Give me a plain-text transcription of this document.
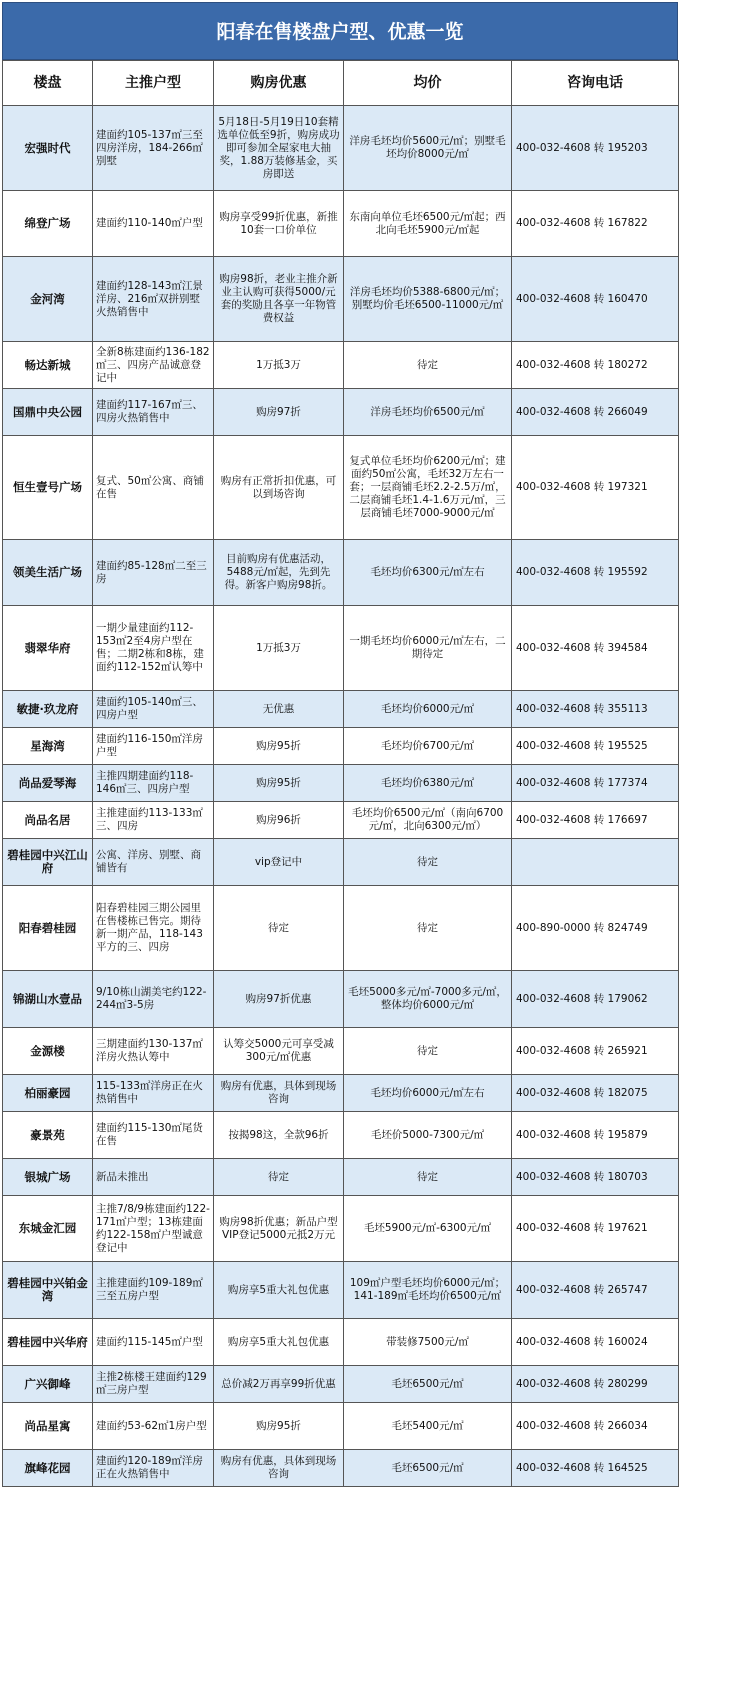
阳春在售楼盘户型、优惠一览
楼盘	主推户型	购房优惠	均价	咨询电话
宏强时代	建面约105-137㎡三至四房洋房，184-266㎡别墅	5月18日-5月19日10套精选单位低至9折，购房成功即可参加全屋家电大抽奖，1.88万装修基金，买房即送	洋房毛坯均价5600元/㎡；别墅毛坯均价8000元/㎡	400-032-4608 转 195203
绵登广场	建面约110-140㎡户型	购房享受99折优惠，新推10套一口价单位	东南向单位毛坯6500元/㎡起；西北向毛坯5900元/㎡起	400-032-4608 转 167822
金河湾	建面约128-143㎡江景洋房、216㎡双拼别墅火热销售中	购房98折，老业主推介新业主认购可获得5000/元套的奖励且各享一年物管费权益	洋房毛坯均价5388-6800元/㎡；别墅均价毛坯6500-11000元/㎡	400-032-4608 转 160470
畅达新城	全新8栋建面约136-182㎡三、四房产品诚意登记中	1万抵3万	待定	400-032-4608 转 180272
国鼎中央公园	建面约117-167㎡三、四房火热销售中	购房97折	洋房毛坯均价6500元/㎡	400-032-4608 转 266049
恒生壹号广场	复式、50㎡公寓、商铺在售	购房有正常折扣优惠，可以到场咨询	复式单位毛坯均价6200元/㎡；建面约50㎡公寓，毛坯32万左右一套；一层商铺毛坯2.2-2.5万/㎡，二层商铺毛坯1.4-1.6万元/㎡，三层商铺毛坯7000-9000元/㎡	400-032-4608 转 197321
领美生活广场	建面约85-128㎡二至三房	目前购房有优惠活动，5488元/㎡起，先到先得。新客户购房98折。	毛坯均价6300元/㎡左右	400-032-4608 转 195592
翡翠华府	一期少量建面约112-153㎡2至4房户型在售；二期2栋和8栋，建面约112-152㎡认筹中	1万抵3万	一期毛坯均价6000元/㎡左右，二期待定	400-032-4608 转 394584
敏捷·玖龙府	建面约105-140㎡三、四房户型	无优惠	毛坯均价6000元/㎡	400-032-4608 转 355113
星海湾	建面约116-150㎡洋房户型	购房95折	毛坯均价6700元/㎡	400-032-4608 转 195525
尚品爱琴海	主推四期建面约118-146㎡三、四房户型	购房95折	毛坯均价6380元/㎡	400-032-4608 转 177374
尚品名居	主推建面约113-133㎡三、四房	购房96折	毛坯均价6500元/㎡（南向6700元/㎡，北向6300元/㎡）	400-032-4608 转 176697
碧桂园中兴江山府	公寓、洋房、别墅、商铺皆有	vip登记中	待定	
阳春碧桂园	阳春碧桂园三期公园里在售楼栋已售完。期待新一期产品，118-143平方的三、四房	待定	待定	400-890-0000 转 824749
锦湖山水壹品	9/10栋山湖美宅约122-244㎡3-5房	购房97折优惠	毛坯5000多元/㎡-7000多元/㎡，整体均价6000元/㎡	400-032-4608 转 179062
金源楼	三期建面约130-137㎡洋房火热认筹中	认筹交5000元可享受减300元/㎡优惠	待定	400-032-4608 转 265921
柏丽豪园	115-133㎡洋房正在火热销售中	购房有优惠，具体到现场咨询	毛坯均价6000元/㎡左右	400-032-4608 转 182075
豪景苑	建面约115-130㎡尾货在售	按揭98这，全款96折	毛坯价5000-7300元/㎡	400-032-4608 转 195879
银城广场	新品未推出	待定	待定	400-032-4608 转 180703
东城金汇园	主推7/8/9栋建面约122-171㎡户型；13栋建面约122-158㎡户型诚意登记中	购房98折优惠；新品户型VIP登记5000元抵2万元	毛坯5900元/㎡-6300元/㎡	400-032-4608 转 197621
碧桂园中兴铂金湾	主推建面约109-189㎡三至五房户型	购房享5重大礼包优惠	109㎡户型毛坯均价6000元/㎡；141-189㎡毛坯均价6500元/㎡	400-032-4608 转 265747
碧桂园中兴华府	建面约115-145㎡户型	购房享5重大礼包优惠	带装修7500元/㎡	400-032-4608 转 160024
广兴御峰	主推2栋楼王建面约129㎡三房户型	总价减2万再享99折优惠	毛坯6500元/㎡	400-032-4608 转 280299
尚品星寓	建面约53-62㎡1房户型	购房95折	毛坯5400元/㎡	400-032-4608 转 266034
旗峰花园	建面约120-189㎡洋房正在火热销售中	购房有优惠，具体到现场咨询	毛坯6500元/㎡	400-032-4608 转 164525
